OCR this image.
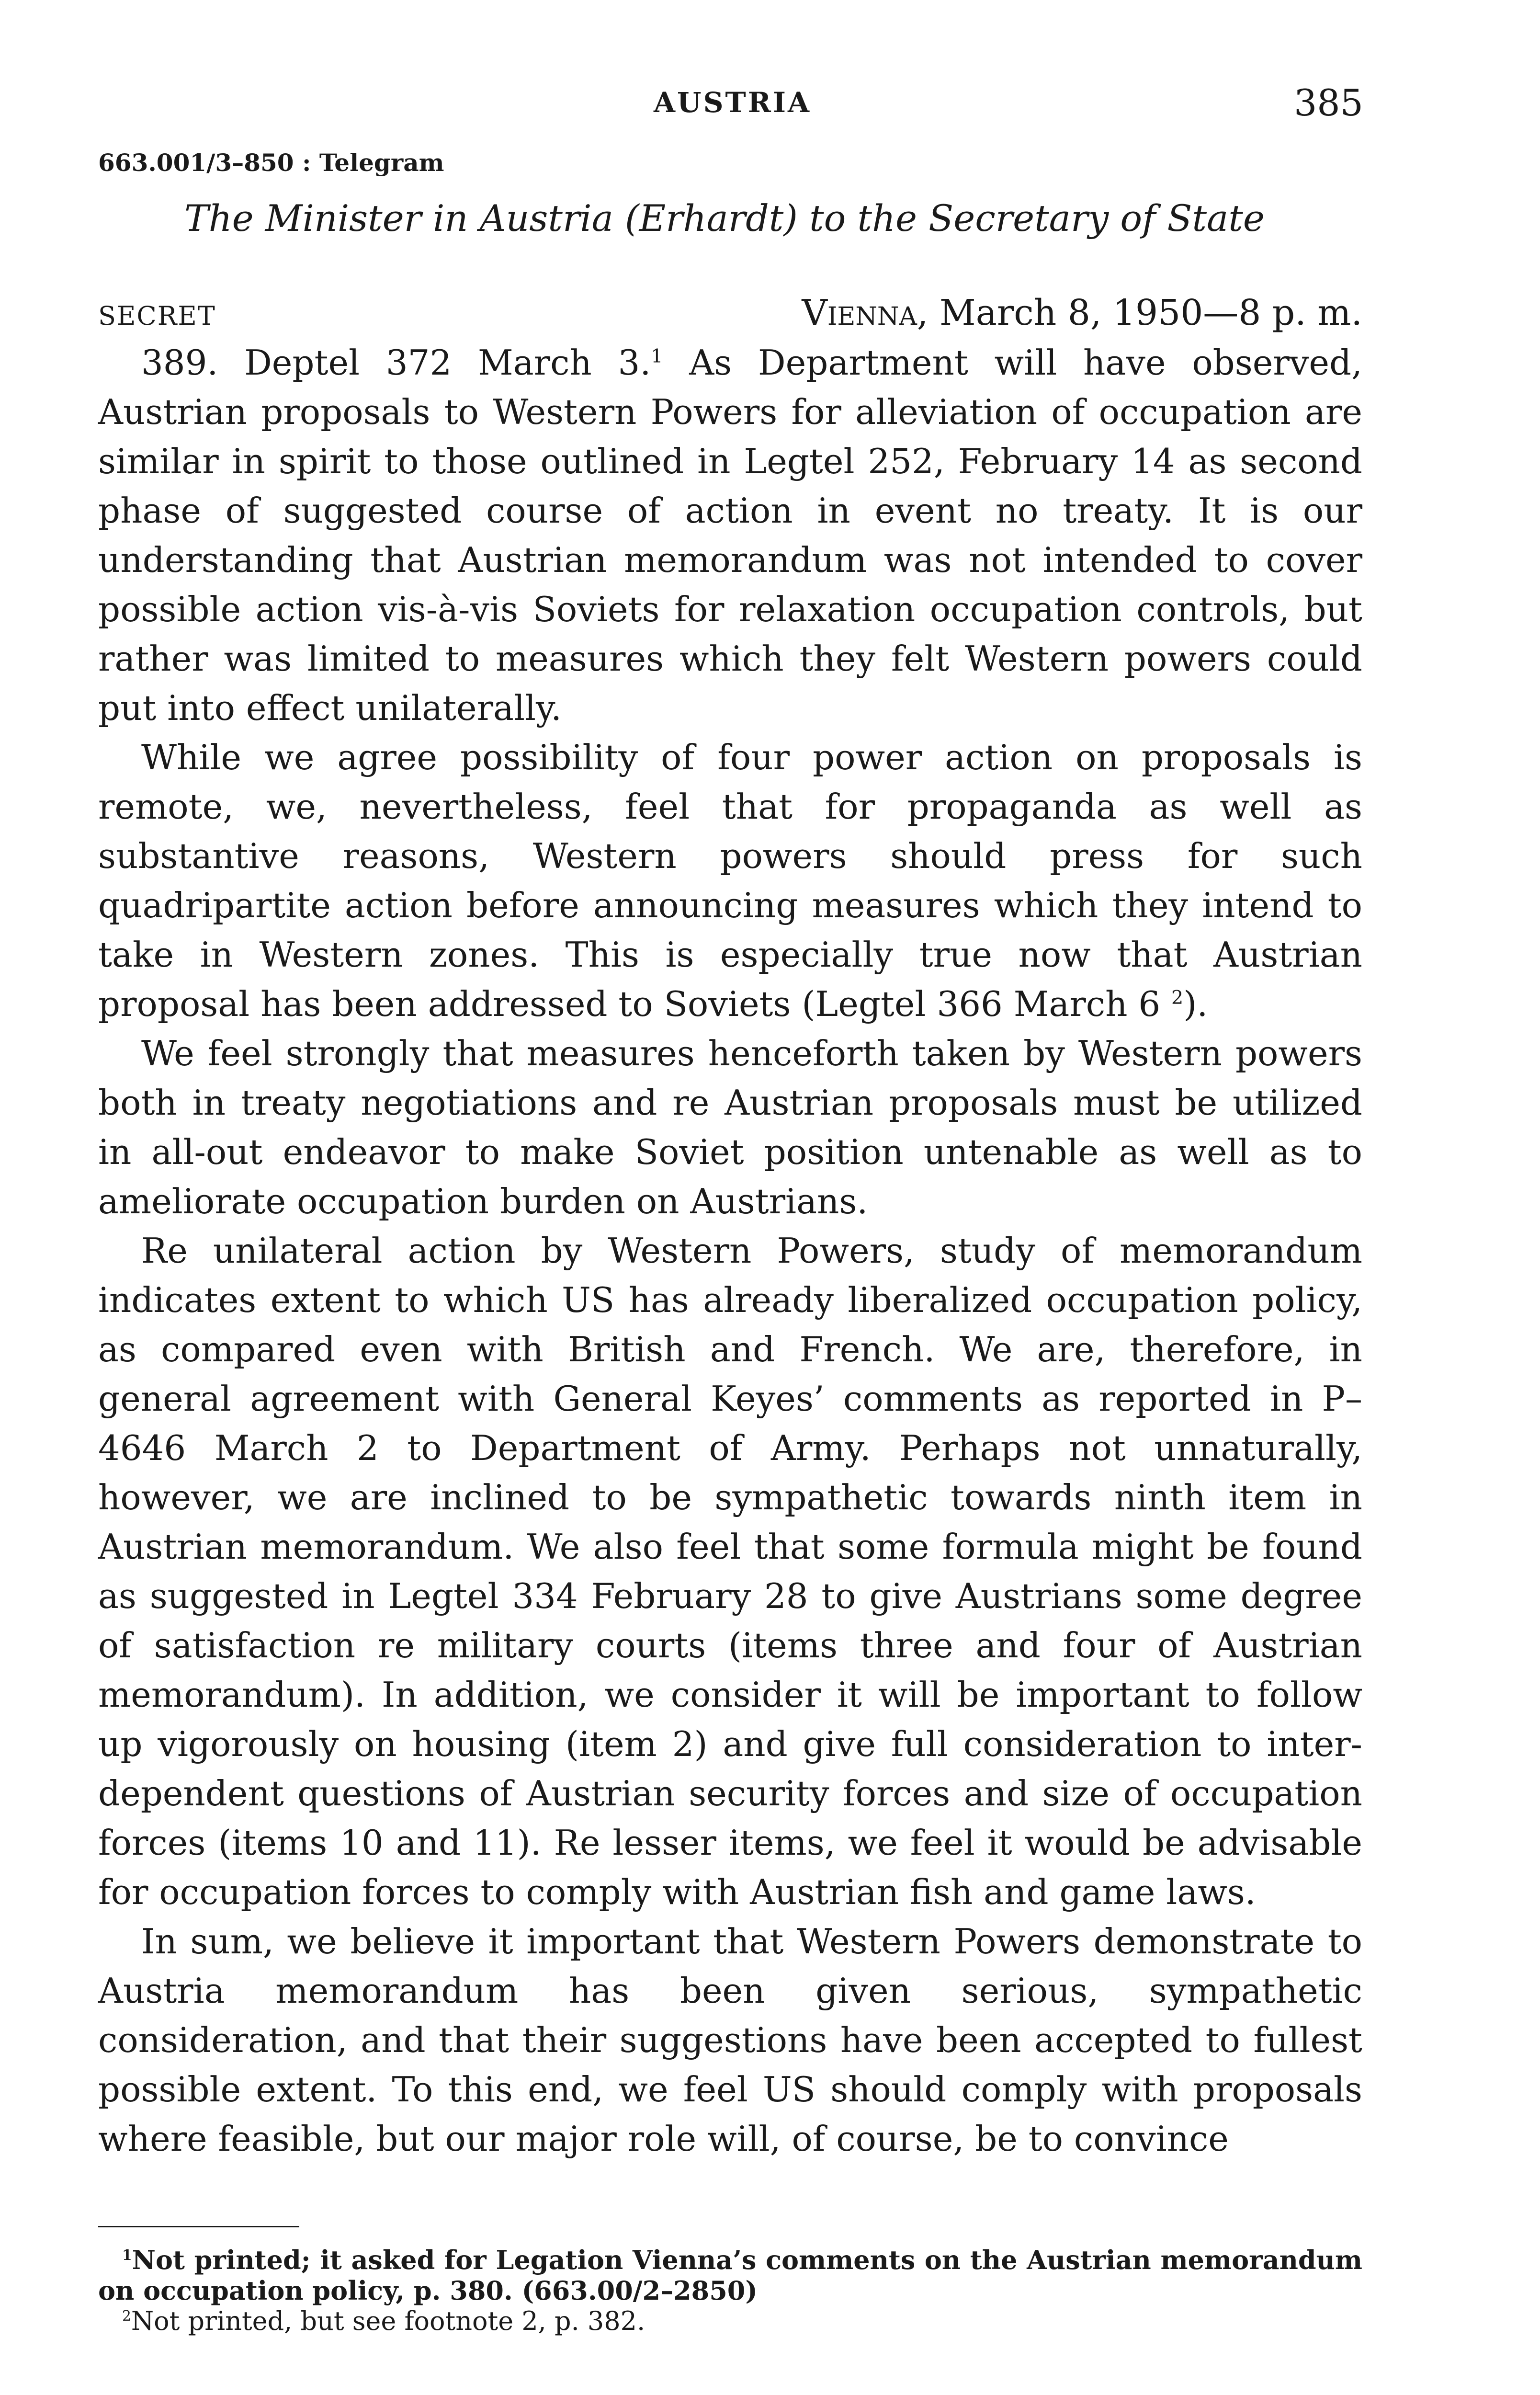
AUSTRIA	385
663.001/3–850 : Telegram
The Minister in Austria (Erhardt) to the Secretary of State
SECRET	Vienna, March 8, 1950—8 p. m.

389. Deptel 372 March 3.$^1$ As Department will have observed, Austrian proposals to Western Powers for alleviation of occupation are similar in spirit to those outlined in Legtel 252, February 14 as second phase of suggested course of action in event no treaty. It is our understanding that Austrian memorandum was not intended to cover possible action vis-à-vis Soviets for relaxation occupation controls, but rather was limited to measures which they felt Western powers could put into effect unilaterally.

While we agree possibility of four power action on proposals is remote, we, nevertheless, feel that for propaganda as well as substantive reasons, Western powers should press for such quadripartite action before announcing measures which they intend to take in Western zones. This is especially true now that Austrian proposal has been addressed to Soviets (Legtel 366 March 6 $^2$).

We feel strongly that measures henceforth taken by Western powers both in treaty negotiations and re Austrian proposals must be utilized in all-out endeavor to make Soviet position untenable as well as to ameliorate occupation burden on Austrians.

Re unilateral action by Western Powers, study of memorandum indicates extent to which US has already liberalized occupation policy, as compared even with British and French. We are, therefore, in general agreement with General Keyes’ comments as reported in P–4646 March 2 to Department of Army. Perhaps not unnaturally, however, we are inclined to be sympathetic towards ninth item in Austrian memorandum. We also feel that some formula might be found as suggested in Legtel 334 February 28 to give Austrians some degree of satisfaction re military courts (items three and four of Austrian memorandum). In addition, we consider it will be important to follow up vigorously on housing (item 2) and give full consideration to inter-dependent questions of Austrian security forces and size of occupation forces (items 10 and 11). Re lesser items, we feel it would be advisable for occupation forces to comply with Austrian fish and game laws.

In sum, we believe it important that Western Powers demonstrate to Austria memorandum has been given serious, sympathetic consideration, and that their suggestions have been accepted to fullest possible extent. To this end, we feel US should comply with proposals where feasible, but our major role will, of course, be to convince

$^1$Not printed; it asked for Legation Vienna’s comments on the Austrian memorandum on occupation policy, p. 380. (663.00/2–2850)
$^2$Not printed, but see footnote 2, p. 382.
